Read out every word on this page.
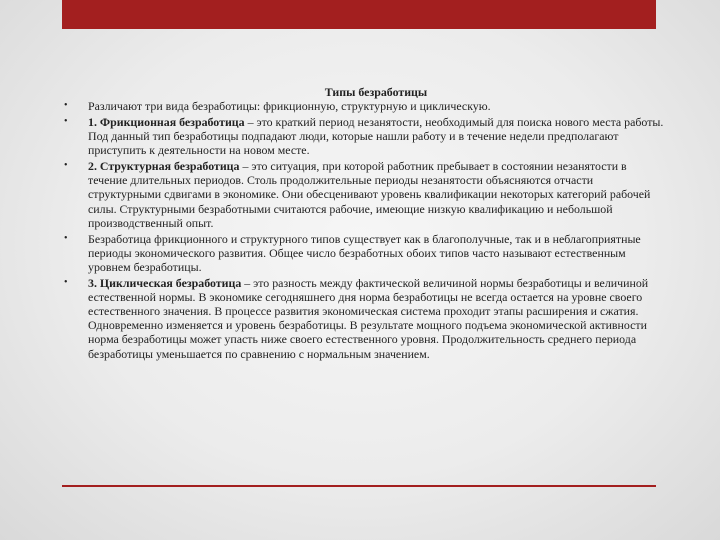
Типы безработицы

•	Различают три вида безработицы: фрикционную, структурную и циклическую.
•	1. Фрикционная безработица – это краткий период незанятости, необходимый для поиска нового места работы. Под данный тип безработицы подпадают люди, которые нашли работу и в течение недели предполагают приступить к деятельности на новом месте.
•	2. Структурная безработица – это ситуация, при которой работник пребывает в состоянии незанятости в течение длительных периодов. Столь продолжительные периоды незанятости объясняются отчасти структурными сдвигами в экономике. Они обесценивают уровень квалификации некоторых категорий рабочей силы. Структурными безработными считаются рабочие, имеющие низкую квалификацию и небольшой производственный опыт.
•	Безработица фрикционного и структурного типов существует как в благополучные, так и в неблагоприятные периоды экономического развития. Общее число безработных обоих типов часто называют естественным уровнем безработицы.
•	3. Циклическая безработица – это разность между фактической величиной нормы безработицы и величиной естественной нормы. В экономике сегодняшнего дня норма безработицы не всегда остается на уровне своего естественного значения. В процессе развития экономическая система проходит этапы расширения и сжатия. Одновременно изменяется и уровень безработицы. В результате мощного подъема экономической активности норма безработицы может упасть ниже своего естественного уровня. Продолжительность среднего периода безработицы уменьшается по сравнению с нормальным значением.
